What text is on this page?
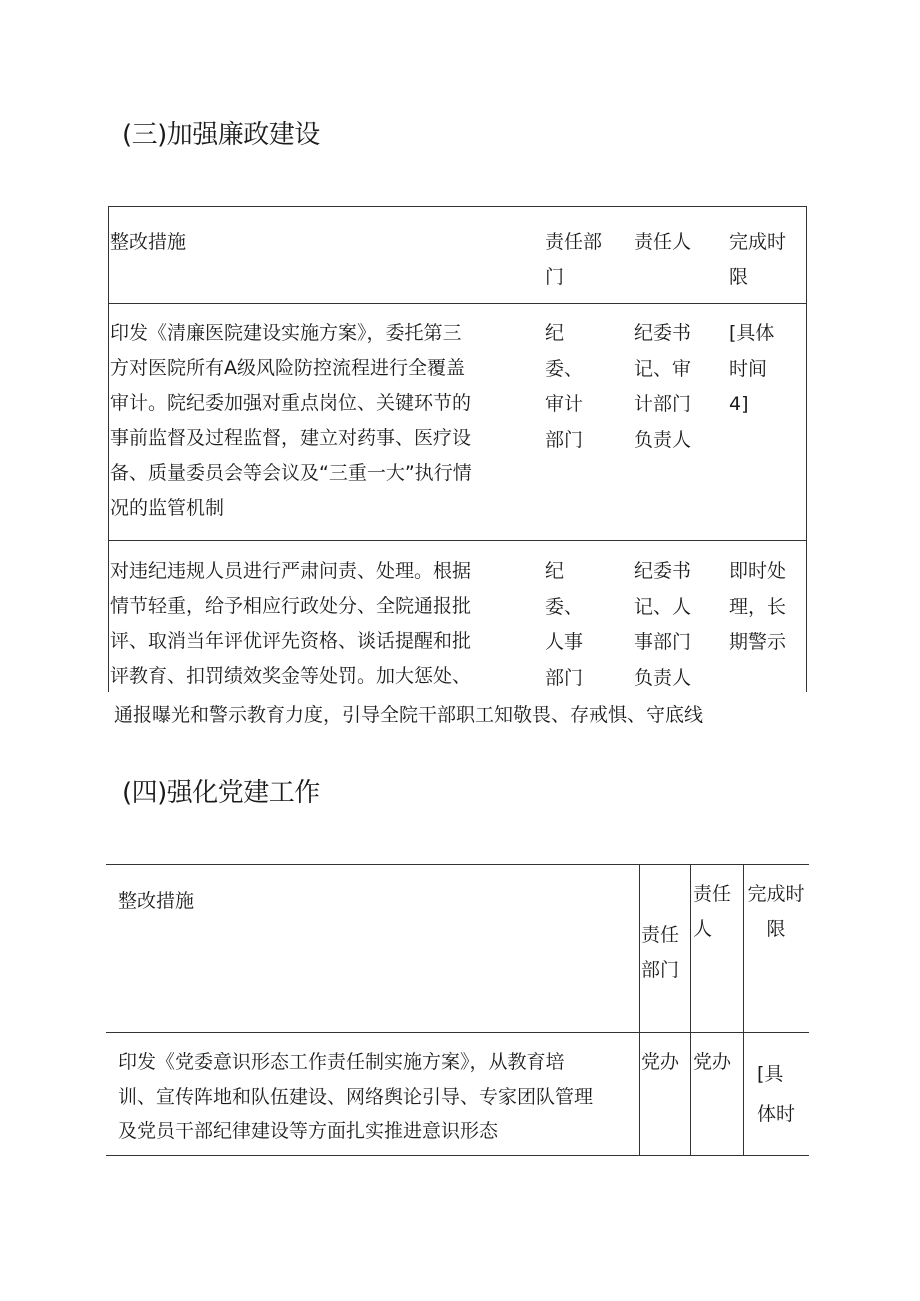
(三)加强廉政建设
整改措施	责任部
门
责任人 完成时
限
印发《清廉医院建设实施方案》，委托第三
方对医院所有A级风险防控流程进行全覆盖
审计。院纪委加强对重点岗位、关键环节的
事前监督及过程监督，建立对药事、医疗设
备、质量委员会等会议及“三重一大”执行情
况的监管机制
纪
委、
审计
部门
纪委书
记、审
计部门
负责人
[具体
时间
4]
对违纪违规人员进行严肃问责、处理。根据
情节轻重，给予相应行政处分、全院通报批
评、取消当年评优评先资格、谈话提醒和批
评教育、扣罚绩效奖金等处罚。加大惩处、
纪
委、
人事
部门
纪委书
记、人
事部门
负责人
即时处
理，长
期警示
通报曝光和警示教育力度，引导全院干部职工知敬畏、存戒惧、守底线
(四)强化党建工作
整改措施
责任
部门
责任
人
完成时
限
印发《党委意识形态工作责任制实施方案》，从教育培
训、宣传阵地和队伍建设、网络舆论引导、专家团队管理
及党员干部纪律建设等方面扎实推进意识形态
党办 党办
[具
体时
